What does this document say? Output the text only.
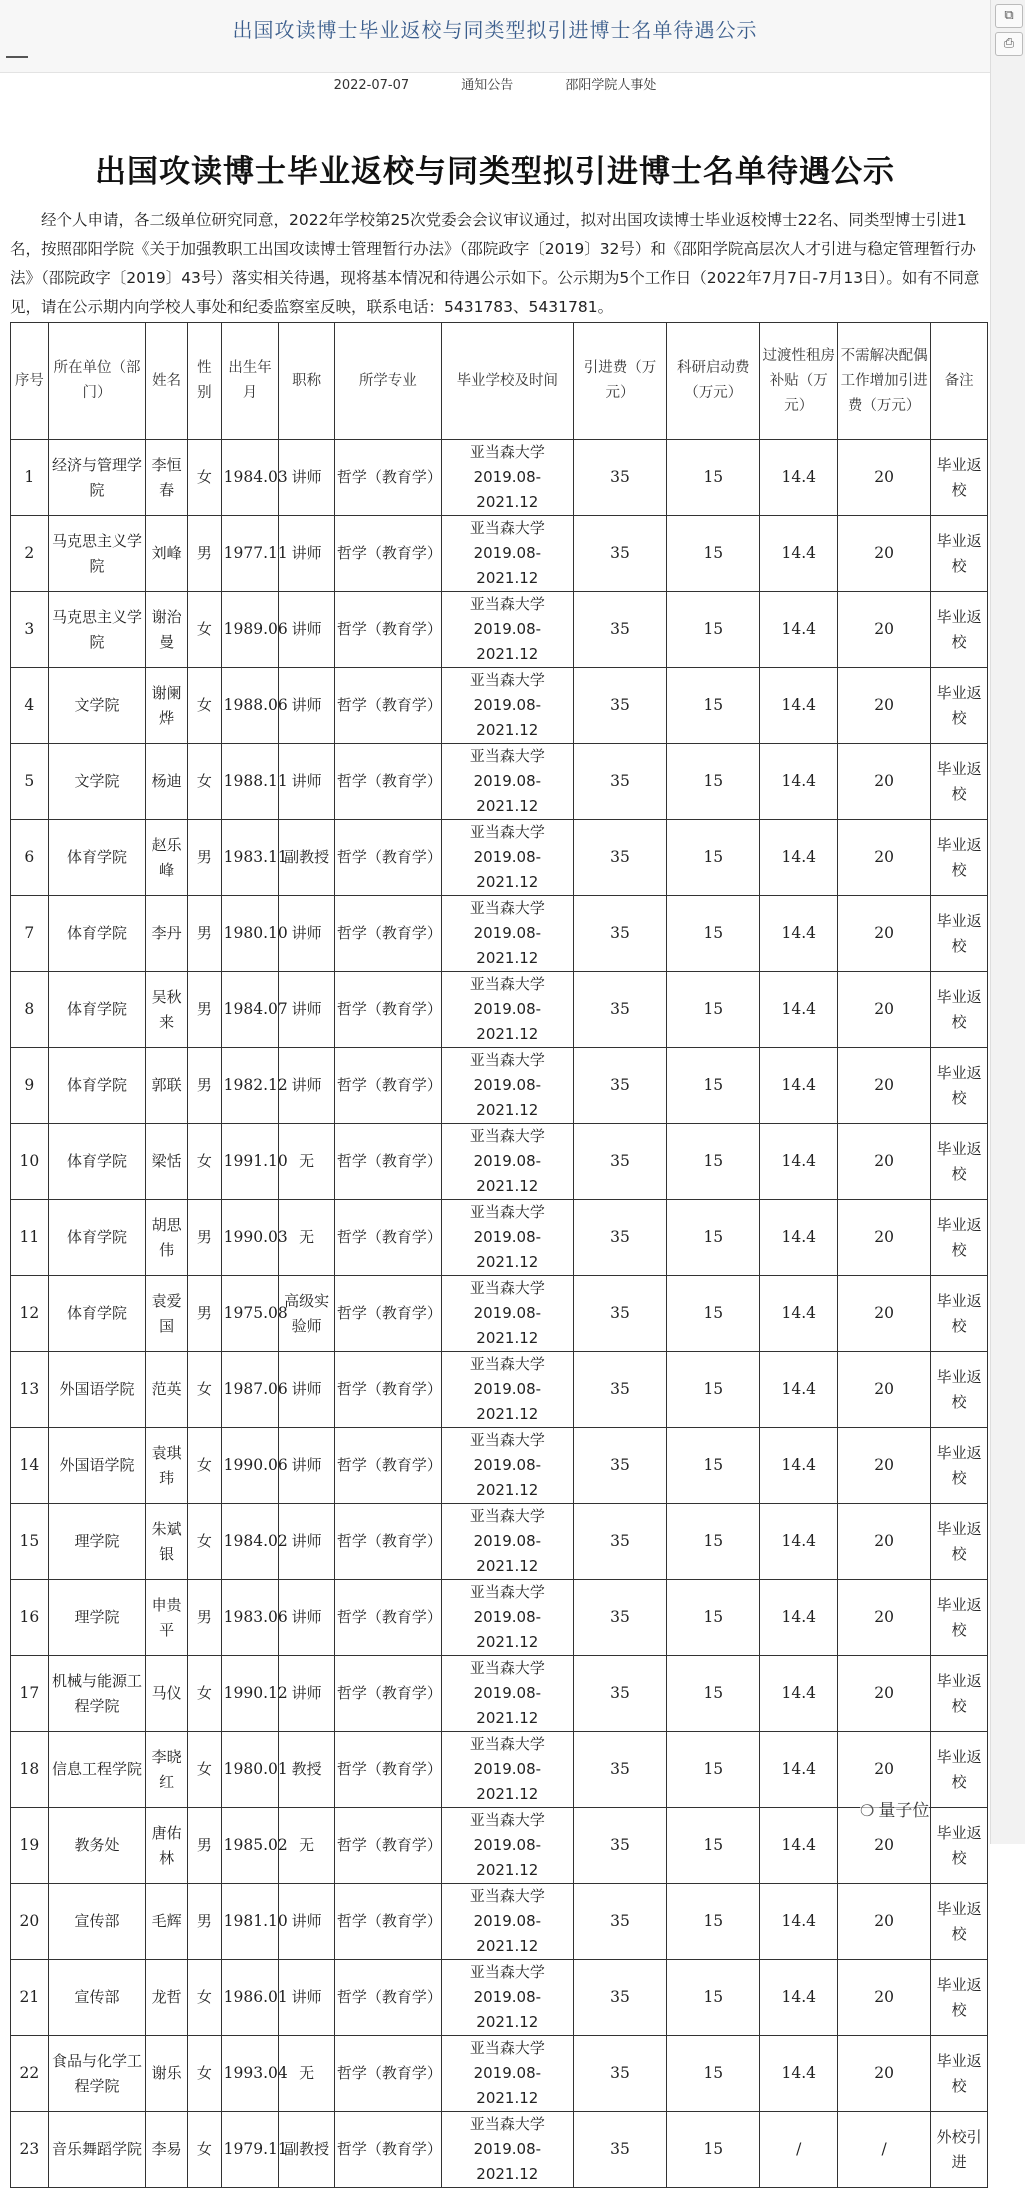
出国攻读博士毕业返校与同类型拟引进博士名单待遇公示
⧉
⎙
2022-07-07	通知公告	邵阳学院人事处
出国攻读博士毕业返校与同类型拟引进博士名单待遇公示
经个人申请，各二级单位研究同意，2022年学校第25次党委会会议审议通过，拟对出国攻读博士毕业返校博士22名、同类型博士引进1名，按照邵阳学院《关于加强教职工出国攻读博士管理暂行办法》（邵院政字〔2019〕32号）和《邵阳学院高层次人才引进与稳定管理暂行办法》（邵院政字〔2019〕43号）落实相关待遇，现将基本情况和待遇公示如下。公示期为5个工作日（2022年7月7日-7月13日）。如有不同意见，请在公示期内向学校人事处和纪委监察室反映，联系电话：5431783、5431781。
序号	所在单位（部门）	姓名	性别	出生年月	职称	所学专业	毕业学校及时间	引进费（万元）	科研启动费（万元）	过渡性租房补贴（万元）	不需解决配偶工作增加引进费（万元）	备注
1	经济与管理学院	李恒春	女	1984.03	讲师	哲学（教育学）	亚当森大学 2019.08-2021.12	35	15	14.4	20	毕业返校
2	马克思主义学院	刘峰	男	1977.11	讲师	哲学（教育学）	亚当森大学 2019.08-2021.12	35	15	14.4	20	毕业返校
3	马克思主义学院	谢治曼	女	1989.06	讲师	哲学（教育学）	亚当森大学 2019.08-2021.12	35	15	14.4	20	毕业返校
4	文学院	谢阑烨	女	1988.06	讲师	哲学（教育学）	亚当森大学 2019.08-2021.12	35	15	14.4	20	毕业返校
5	文学院	杨迪	女	1988.11	讲师	哲学（教育学）	亚当森大学 2019.08-2021.12	35	15	14.4	20	毕业返校
6	体育学院	赵乐峰	男	1983.11	副教授	哲学（教育学）	亚当森大学 2019.08-2021.12	35	15	14.4	20	毕业返校
7	体育学院	李丹	男	1980.10	讲师	哲学（教育学）	亚当森大学 2019.08-2021.12	35	15	14.4	20	毕业返校
8	体育学院	吴秋来	男	1984.07	讲师	哲学（教育学）	亚当森大学 2019.08-2021.12	35	15	14.4	20	毕业返校
9	体育学院	郭联	男	1982.12	讲师	哲学（教育学）	亚当森大学 2019.08-2021.12	35	15	14.4	20	毕业返校
10	体育学院	梁恬	女	1991.10	无	哲学（教育学）	亚当森大学 2019.08-2021.12	35	15	14.4	20	毕业返校
11	体育学院	胡思伟	男	1990.03	无	哲学（教育学）	亚当森大学 2019.08-2021.12	35	15	14.4	20	毕业返校
12	体育学院	袁爱国	男	1975.08	高级实验师	哲学（教育学）	亚当森大学 2019.08-2021.12	35	15	14.4	20	毕业返校
13	外国语学院	范英	女	1987.06	讲师	哲学（教育学）	亚当森大学 2019.08-2021.12	35	15	14.4	20	毕业返校
14	外国语学院	袁琪玮	女	1990.06	讲师	哲学（教育学）	亚当森大学 2019.08-2021.12	35	15	14.4	20	毕业返校
15	理学院	朱斌银	女	1984.02	讲师	哲学（教育学）	亚当森大学 2019.08-2021.12	35	15	14.4	20	毕业返校
16	理学院	申贵平	男	1983.06	讲师	哲学（教育学）	亚当森大学 2019.08-2021.12	35	15	14.4	20	毕业返校
17	机械与能源工程学院	马仪	女	1990.12	讲师	哲学（教育学）	亚当森大学 2019.08-2021.12	35	15	14.4	20	毕业返校
18	信息工程学院	李晓红	女	1980.01	教授	哲学（教育学）	亚当森大学 2019.08-2021.12	35	15	14.4	20	毕业返校
19	教务处	唐佑林	男	1985.02	无	哲学（教育学）	亚当森大学 2019.08-2021.12	35	15	14.4	20	毕业返校
20	宣传部	毛辉	男	1981.10	讲师	哲学（教育学）	亚当森大学 2019.08-2021.12	35	15	14.4	20	毕业返校
21	宣传部	龙哲	女	1986.01	讲师	哲学（教育学）	亚当森大学 2019.08-2021.12	35	15	14.4	20	毕业返校
22	食品与化学工程学院	谢乐	女	1993.04	无	哲学（教育学）	亚当森大学 2019.08-2021.12	35	15	14.4	20	毕业返校
23	音乐舞蹈学院	李易	女	1979.11	副教授	哲学（教育学）	亚当森大学 2019.08-2021.12	35	15	/	/	外校引进
❍ 量子位
